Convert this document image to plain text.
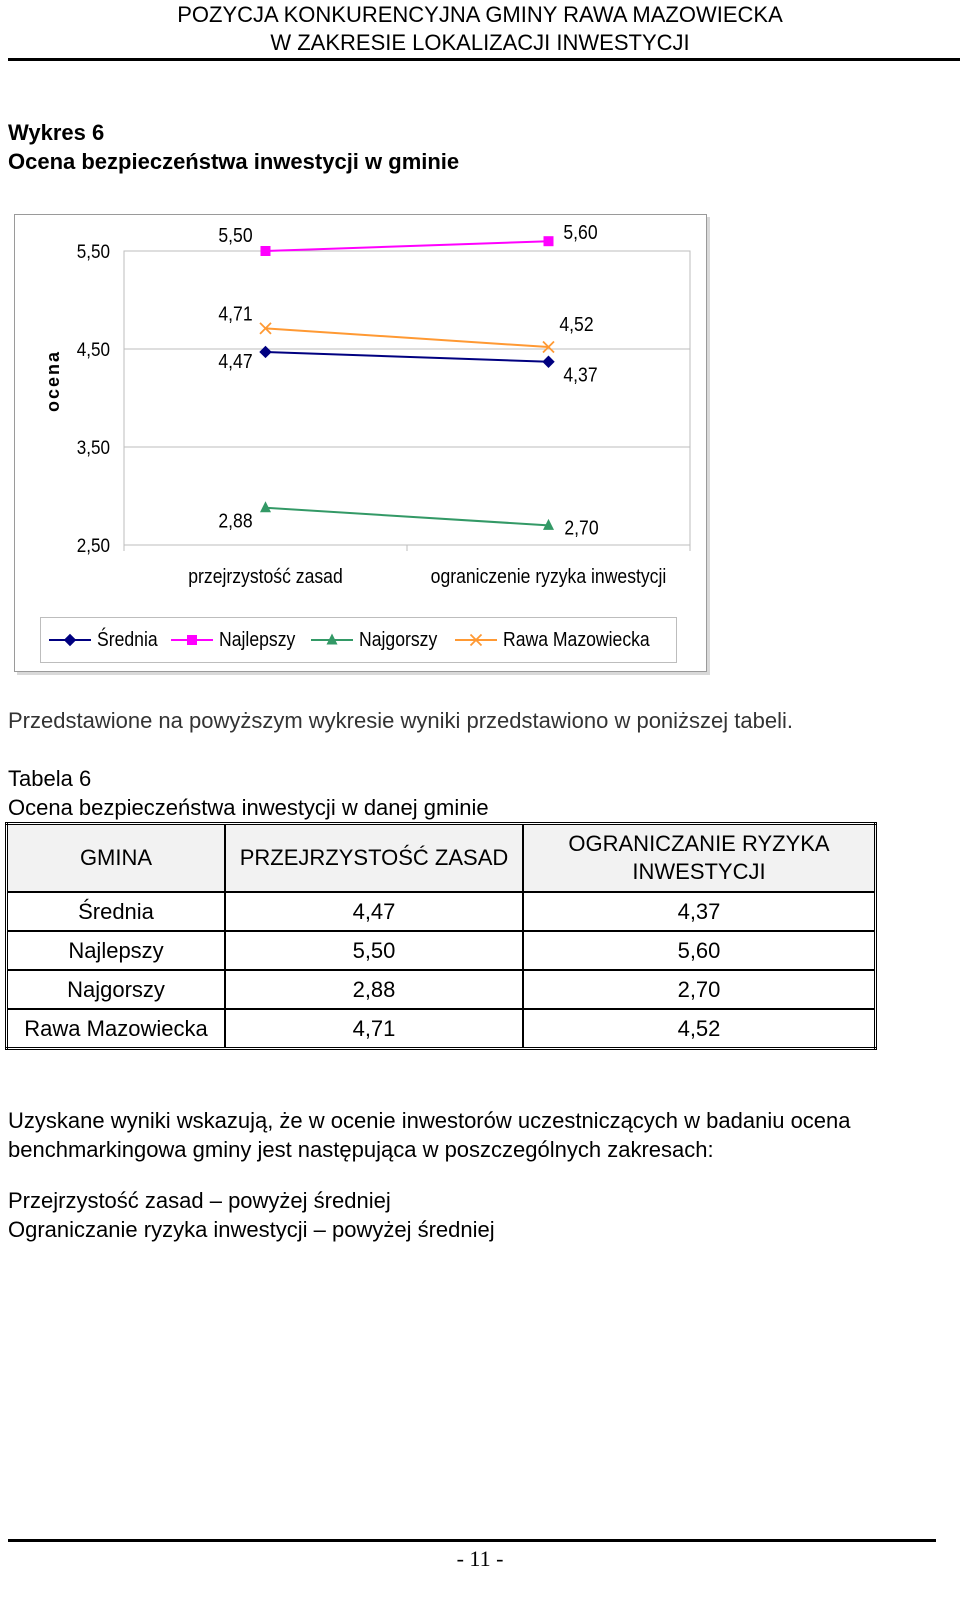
POZYCJA KONKURENCYJNA GMINY RAWA MAZOWIECKA
W ZAKRESIE LOKALIZACJI INWESTYCJI
Wykres 6
Ocena bezpieczeństwa inwestycji w gminie
2,50
3,50
4,50
5,50
przejrzystość zasad	ograniczenie ryzyka inwestycji
ocena	4,47
4,37
5,50	5,60
2,88	2,70
4,71	4,52
Średnia	Najlepszy	Najgorszy	Rawa Mazowiecka
Przedstawione na powyższym wykresie wyniki przedstawiono w poniższej tabeli.
Tabela 6
Ocena bezpieczeństwa inwestycji w danej gminie
GMINA	PRZEJRZYSTOŚĆ ZASAD	OGRANICZANIE RYZYKA INWESTYCJI
Średnia	4,47	4,37
Najlepszy	5,50	5,60
Najgorszy	2,88	2,70
Rawa Mazowiecka	4,71	4,52
Uzyskane wyniki wskazują, że w ocenie inwestorów uczestniczących w badaniu ocena
benchmarkingowa gminy jest następująca w poszczególnych zakresach:
Przejrzystość zasad – powyżej średniej
Ograniczanie ryzyka inwestycji – powyżej średniej
- 11 -
